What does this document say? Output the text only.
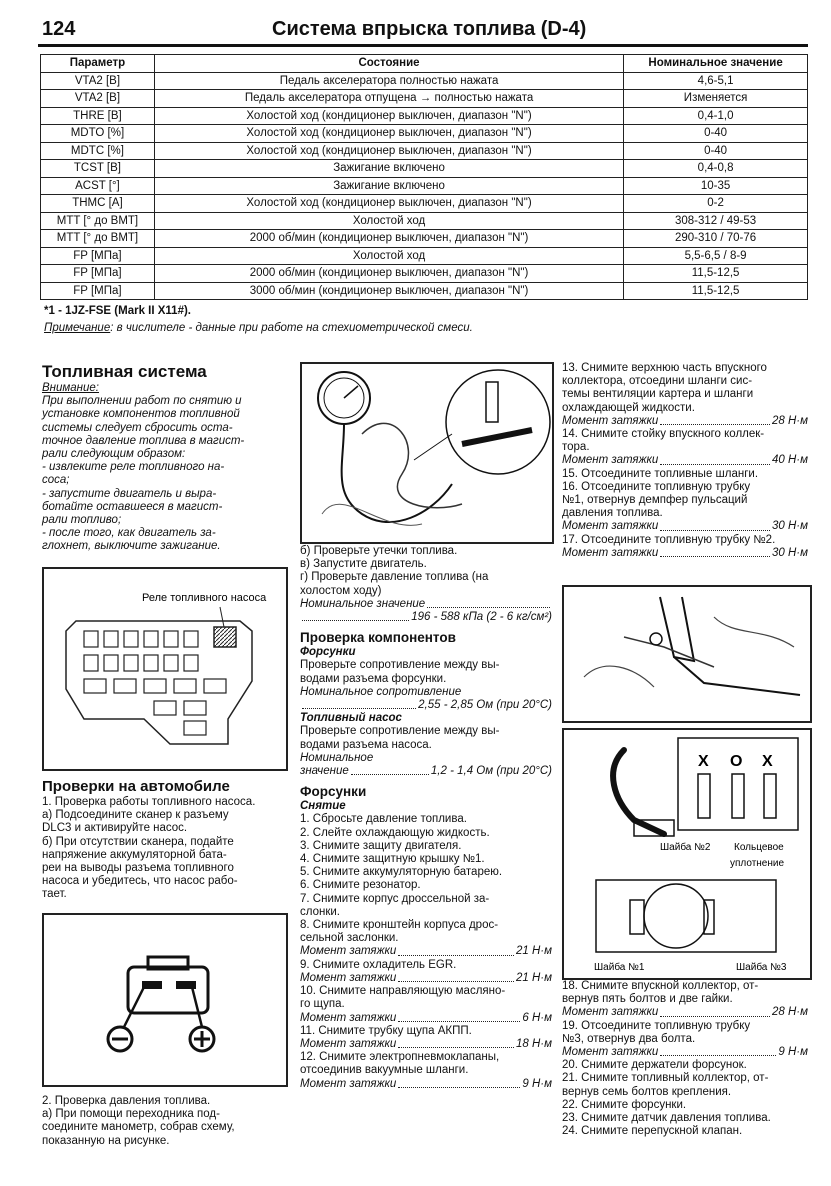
124	Система впрыска топлива (D-4)
Параметр	Состояние	Номинальное значение
VTA2 [В]	Педаль акселератора полностью нажата	4,6-5,1
VTA2 [В]	Педаль акселератора отпущена → полностью нажата	Изменяется
THRE [В]	Холостой ход (кондиционер выключен, диапазон "N")	0,4-1,0
MDTO [%]	Холостой ход (кондиционер выключен, диапазон "N")	0-40
MDTC [%]	Холостой ход (кондиционер выключен, диапазон "N")	0-40
TCST [В]	Зажигание включено	0,4-0,8
ACST [°]	Зажигание включено	10-35
THMC [A]	Холостой ход (кондиционер выключен, диапазон "N")	0-2
MTT [° до ВМТ]	Холостой ход	308-312 / 49-53
MTT [° до ВМТ]	2000 об/мин (кондиционер выключен, диапазон "N")	290-310 / 70-76
FP [МПа]	Холостой ход	5,5-6,5 / 8-9
FP [МПа]	2000 об/мин (кондиционер выключен, диапазон "N")	11,5-12,5
FP [МПа]	3000 об/мин (кондиционер выключен, диапазон "N")	11,5-12,5
*1 - 1JZ-FSE (Mark II X11#).
Примечание: в числителе - данные при работе на стехиометрической смеси.

Топливная система

Внимание:

При выполнении работ по снятию и

установке компонентов топливной

системы следует сбросить оста-

точное давление топлива в магист-

рали следующим образом:

- извлеките реле топливного на-

соса;

- запустите двигатель и выра-

ботайте оставшееся в магист-

рали топливо;

- после того, как двигатель за-

глохнет, выключите зажигание.

Реле топливного насоса

Проверки на автомобиле

1. Проверка работы топливного насоса.

а) Подсоедините сканер к разъему

DLC3 и активируйте насос.

б) При отсутствии сканера, подайте

напряжение аккумуляторной бата-

реи на выводы разъема топливного

насоса и убедитесь, что насос рабо-

тает.

2. Проверка давления топлива.

а) При помощи переходника под-

соедините манометр, собрав схему,

показанную на рисунке.

б) Проверьте утечки топлива.

в) Запустите двигатель.

г) Проверьте давление топлива (на

холостом ходу)

Номинальное значение

196 - 588 кПа (2 - 6 кг/см²)

Проверка компонентов

Форсунки

Проверьте сопротивление между вы-

водами разъема форсунки.

Номинальное сопротивление

2,55 - 2,85 Ом (при 20°C)

Топливный насос

Проверьте сопротивление между вы-

водами разъема насоса.

Номинальное

значение	1,2 - 1,4 Ом (при 20°C)

Форсунки

Снятие

1. Сбросьте давление топлива.

2. Слейте охлаждающую жидкость.

3. Снимите защиту двигателя.

4. Снимите защитную крышку №1.

5. Снимите аккумуляторную батарею.

6. Снимите резонатор.

7. Снимите корпус дроссельной за-

слонки.

8. Снимите кронштейн корпуса дрос-

сельной заслонки.

Момент затяжки	21 Н·м

9. Снимите охладитель EGR.

Момент затяжки	21 Н·м

10. Снимите направляющую масляно-

го щупа.

Момент затяжки	6 Н·м

11. Снимите трубку щупа АКПП.

Момент затяжки	18 Н·м

12. Снимите электропневмоклапаны,

отсоединив вакуумные шланги.

Момент затяжки	9 Н·м

13. Снимите верхнюю часть впускного

коллектора, отсоедини шланги сис-

темы вентиляции картера и шланги

охлаждающей жидкости.

Момент затяжки	28 Н·м

14. Снимите стойку впускного коллек-

тора.

Момент затяжки	40 Н·м

15. Отсоедините топливные шланги.

16. Отсоедините топливную трубку

№1, отвернув демпфер пульсаций

давления топлива.

Момент затяжки	30 Н·м

17. Отсоедините топливную трубку №2.

Момент затяжки	30 Н·м

X O X
Шайба №2 Кольцевое
уплотнение
Шайба №1	Шайба №3

18. Снимите впускной коллектор, от-

вернув пять болтов и две гайки.

Момент затяжки	28 Н·м

19. Отсоедините топливную трубку

№3, отвернув два болта.

Момент затяжки	9 Н·м

20. Снимите держатели форсунок.

21. Снимите топливный коллектор, от-

вернув семь болтов крепления.

22. Снимите форсунки.

23. Снимите датчик давления топлива.

24. Снимите перепускной клапан.
